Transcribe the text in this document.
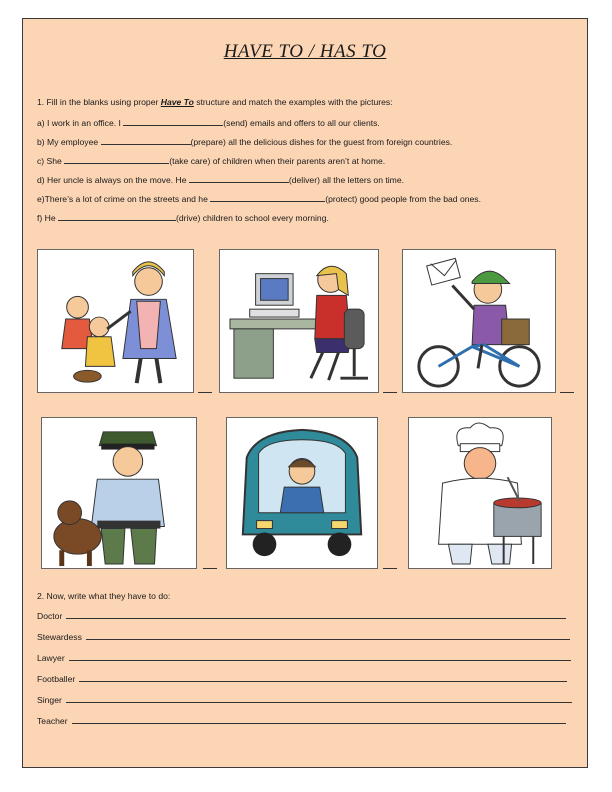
HAVE TO / HAS TO
1. Fill in the blanks using proper Have To structure and match the examples with the pictures:
a) I work in an office. I	(send) emails and offers to all our clients.
b) My employee	(prepare) all the delicious dishes for the guest from foreign countries.
c) She	(take care) of children when their parents aren’t at home.
d) Her uncle is always on the move. He	(deliver) all the letters on time.
e)There’s a lot of crime on the streets and he	(protect) good people from the bad ones.
f) He	(drive) children to school every morning.
2. Now, write what they have to do:
Doctor
Stewardess
Lawyer
Footballer
Singer
Teacher
